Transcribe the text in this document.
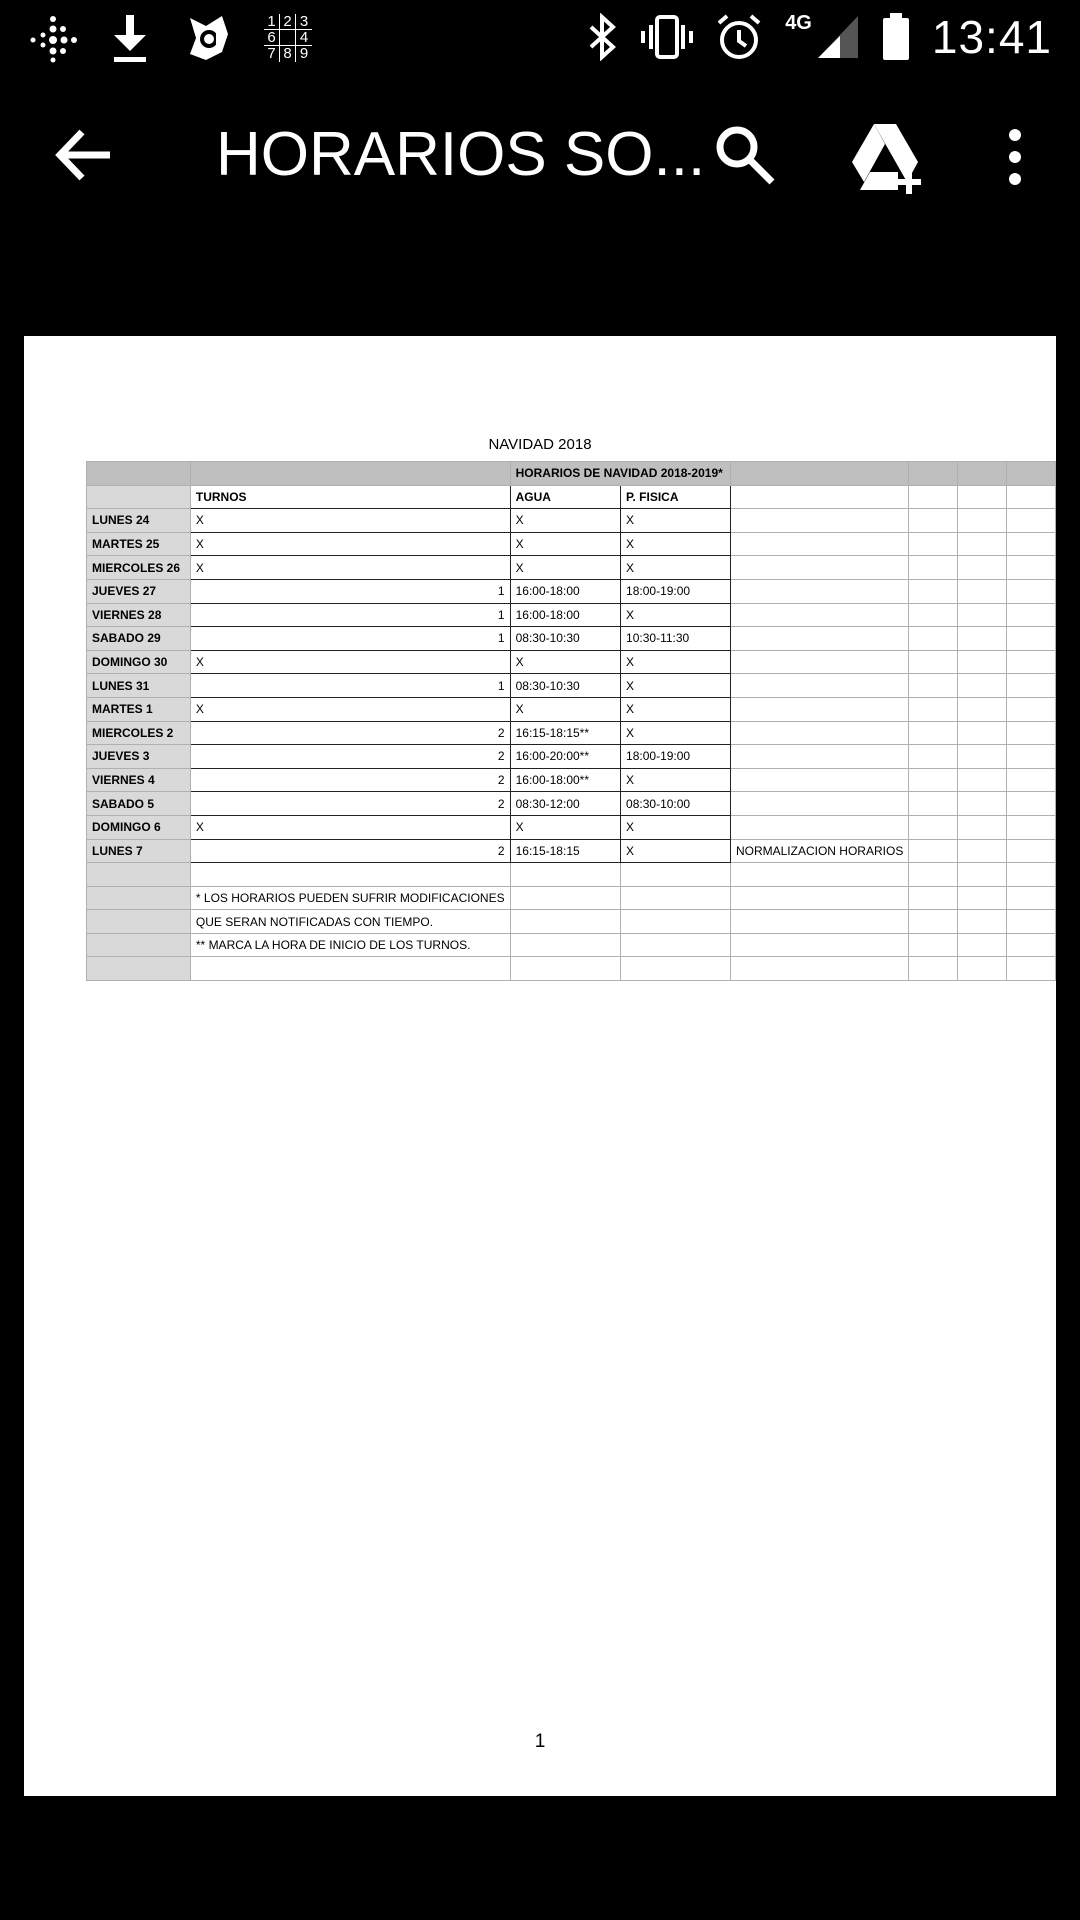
1 2 3
6 4
7 8 9
4G	13:41
HORARIOS SO...
NAVIDAD 2018
		HORARIOS DE NAVIDAD 2018-2019*					
	TURNOS	AGUA	P. FISICA				
LUNES 24	X	X	X				
MARTES 25	X	X	X				
MIERCOLES 26	X	X	X				
JUEVES 27	1	16:00-18:00	18:00-19:00				
VIERNES 28	1	16:00-18:00	X				
SABADO 29	1	08:30-10:30	10:30-11:30				
DOMINGO 30	X	X	X				
LUNES 31	1	08:30-10:30	X				
MARTES 1	X	X	X				
MIERCOLES 2	2	16:15-18:15**	X				
JUEVES 3	2	16:00-20:00**	18:00-19:00				
VIERNES 4	2	16:00-18:00**	X				
SABADO 5	2	08:30-12:00	08:30-10:00				
DOMINGO 6	X	X	X				
LUNES 7	2	16:15-18:15	X	NORMALIZACION HORARIOS			

	* LOS HORARIOS PUEDEN SUFRIR MODIFICACIONES						
	QUE SERAN NOTIFICADAS CON TIEMPO.						
	** MARCA LA HORA DE INICIO DE LOS TURNOS.						

1
